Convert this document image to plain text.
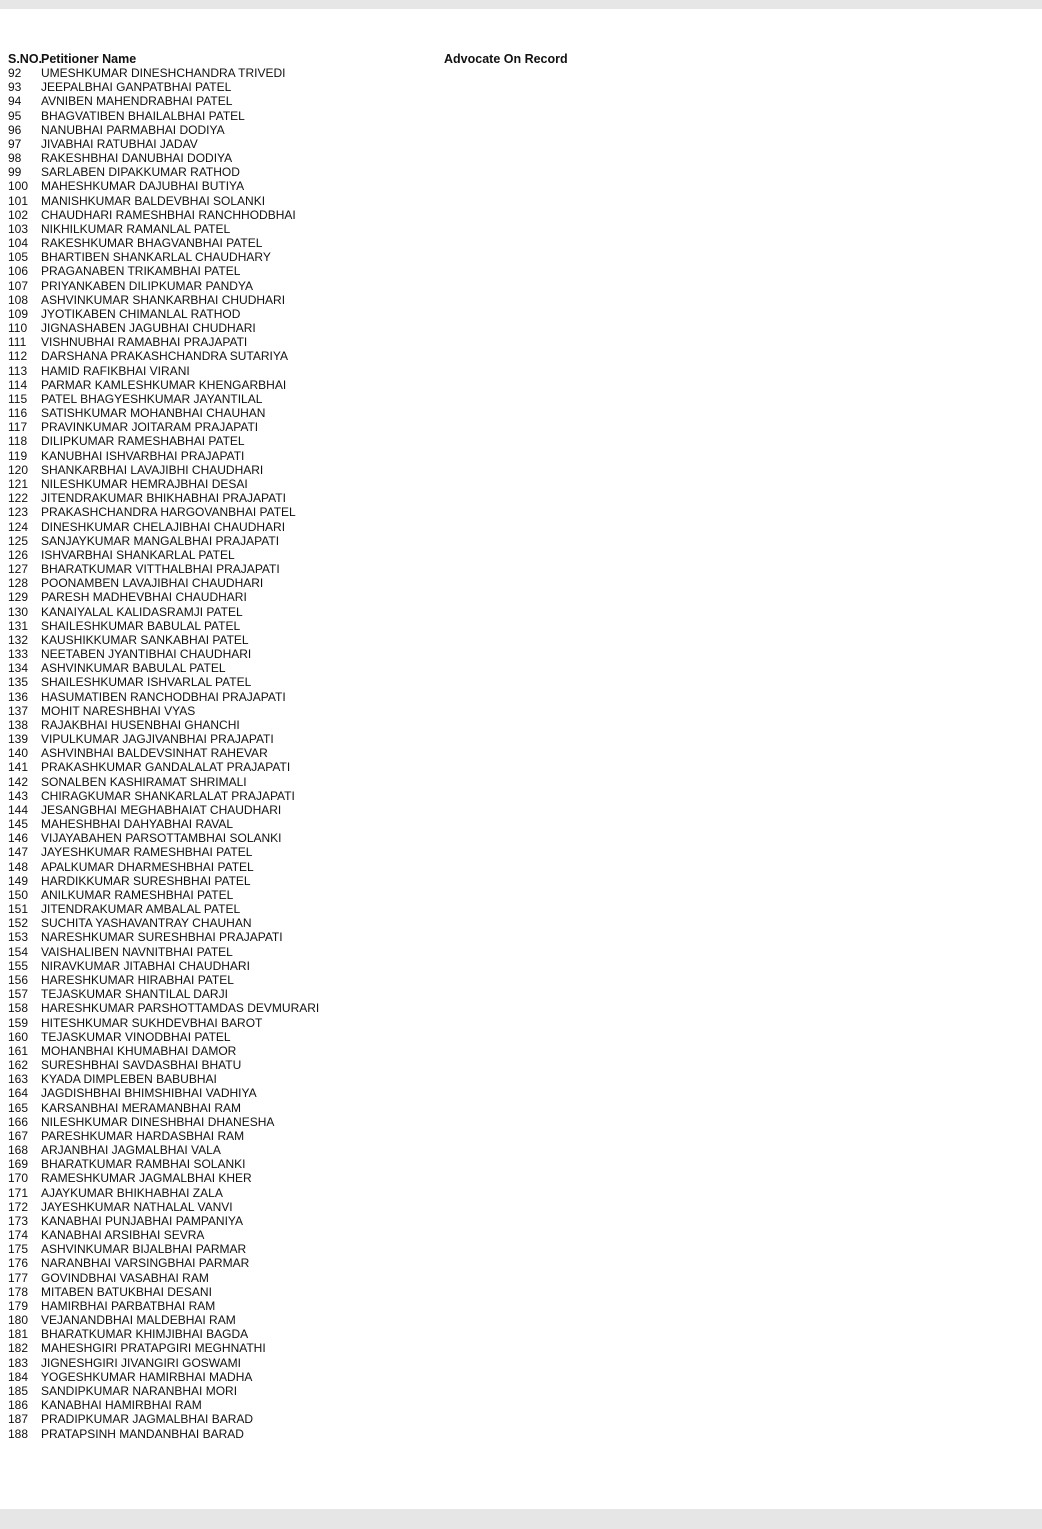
S.NO.
Petitioner Name	Advocate On Record
92 UMESHKUMAR DINESHCHANDRA TRIVEDI
93 JEEPALBHAI GANPATBHAI PATEL
94 AVNIBEN MAHENDRABHAI PATEL
95 BHAGVATIBEN BHAILALBHAI PATEL
96 NANUBHAI PARMABHAI DODIYA
97 JIVABHAI RATUBHAI JADAV
98 RAKESHBHAI DANUBHAI DODIYA
99 SARLABEN DIPAKKUMAR RATHOD
100 MAHESHKUMAR DAJUBHAI BUTIYA
101 MANISHKUMAR BALDEVBHAI SOLANKI
102 CHAUDHARI RAMESHBHAI RANCHHODBHAI
103 NIKHILKUMAR RAMANLAL PATEL
104 RAKESHKUMAR BHAGVANBHAI PATEL
105 BHARTIBEN SHANKARLAL CHAUDHARY
106 PRAGANABEN TRIKAMBHAI PATEL
107 PRIYANKABEN DILIPKUMAR PANDYA
108 ASHVINKUMAR SHANKARBHAI CHUDHARI
109 JYOTIKABEN CHIMANLAL RATHOD
110 JIGNASHABEN JAGUBHAI CHUDHARI
111 VISHNUBHAI RAMABHAI PRAJAPATI
112 DARSHANA PRAKASHCHANDRA SUTARIYA
113 HAMID RAFIKBHAI VIRANI
114 PARMAR KAMLESHKUMAR KHENGARBHAI
115 PATEL BHAGYESHKUMAR JAYANTILAL
116 SATISHKUMAR MOHANBHAI CHAUHAN
117 PRAVINKUMAR JOITARAM PRAJAPATI
118 DILIPKUMAR RAMESHABHAI PATEL
119 KANUBHAI ISHVARBHAI PRAJAPATI
120 SHANKARBHAI LAVAJIBHI CHAUDHARI
121 NILESHKUMAR HEMRAJBHAI DESAI
122 JITENDRAKUMAR BHIKHABHAI PRAJAPATI
123 PRAKASHCHANDRA HARGOVANBHAI PATEL
124 DINESHKUMAR CHELAJIBHAI CHAUDHARI
125 SANJAYKUMAR MANGALBHAI PRAJAPATI
126 ISHVARBHAI SHANKARLAL PATEL
127 BHARATKUMAR VITTHALBHAI PRAJAPATI
128 POONAMBEN LAVAJIBHAI CHAUDHARI
129 PARESH MADHEVBHAI CHAUDHARI
130 KANAIYALAL KALIDASRAMJI PATEL
131 SHAILESHKUMAR BABULAL PATEL
132 KAUSHIKKUMAR SANKABHAI PATEL
133 NEETABEN JYANTIBHAI CHAUDHARI
134 ASHVINKUMAR BABULAL PATEL
135 SHAILESHKUMAR ISHVARLAL PATEL
136 HASUMATIBEN RANCHODBHAI PRAJAPATI
137 MOHIT NARESHBHAI VYAS
138 RAJAKBHAI HUSENBHAI GHANCHI
139 VIPULKUMAR JAGJIVANBHAI PRAJAPATI
140 ASHVINBHAI BALDEVSINHAT RAHEVAR
141 PRAKASHKUMAR GANDALALAT PRAJAPATI
142 SONALBEN KASHIRAMAT SHRIMALI
143 CHIRAGKUMAR SHANKARLALAT PRAJAPATI
144 JESANGBHAI MEGHABHAIAT CHAUDHARI
145 MAHESHBHAI DAHYABHAI RAVAL
146 VIJAYABAHEN PARSOTTAMBHAI SOLANKI
147 JAYESHKUMAR RAMESHBHAI PATEL
148 APALKUMAR DHARMESHBHAI PATEL
149 HARDIKKUMAR SURESHBHAI PATEL
150 ANILKUMAR RAMESHBHAI PATEL
151 JITENDRAKUMAR AMBALAL PATEL
152 SUCHITA YASHAVANTRAY CHAUHAN
153 NARESHKUMAR SURESHBHAI PRAJAPATI
154 VAISHALIBEN NAVNITBHAI PATEL
155 NIRAVKUMAR JITABHAI CHAUDHARI
156 HARESHKUMAR HIRABHAI PATEL
157 TEJASKUMAR SHANTILAL DARJI
158 HARESHKUMAR PARSHOTTAMDAS DEVMURARI
159 HITESHKUMAR SUKHDEVBHAI BAROT
160 TEJASKUMAR VINODBHAI PATEL
161 MOHANBHAI KHUMABHAI DAMOR
162 SURESHBHAI SAVDASBHAI BHATU
163 KYADA DIMPLEBEN BABUBHAI
164 JAGDISHBHAI BHIMSHIBHAI VADHIYA
165 KARSANBHAI MERAMANBHAI RAM
166 NILESHKUMAR DINESHBHAI DHANESHA
167 PARESHKUMAR HARDASBHAI RAM
168 ARJANBHAI JAGMALBHAI VALA
169 BHARATKUMAR RAMBHAI SOLANKI
170 RAMESHKUMAR JAGMALBHAI KHER
171 AJAYKUMAR BHIKHABHAI ZALA
172 JAYESHKUMAR NATHALAL VANVI
173 KANABHAI PUNJABHAI PAMPANIYA
174 KANABHAI ARSIBHAI SEVRA
175 ASHVINKUMAR BIJALBHAI PARMAR
176 NARANBHAI VARSINGBHAI PARMAR
177 GOVINDBHAI VASABHAI RAM
178 MITABEN BATUKBHAI DESANI
179 HAMIRBHAI PARBATBHAI RAM
180 VEJANANDBHAI MALDEBHAI RAM
181 BHARATKUMAR KHIMJIBHAI BAGDA
182 MAHESHGIRI PRATAPGIRI MEGHNATHI
183 JIGNESHGIRI JIVANGIRI GOSWAMI
184 YOGESHKUMAR HAMIRBHAI MADHA
185 SANDIPKUMAR NARANBHAI MORI
186 KANABHAI HAMIRBHAI RAM
187 PRADIPKUMAR JAGMALBHAI BARAD
188 PRATAPSINH MANDANBHAI BARAD
